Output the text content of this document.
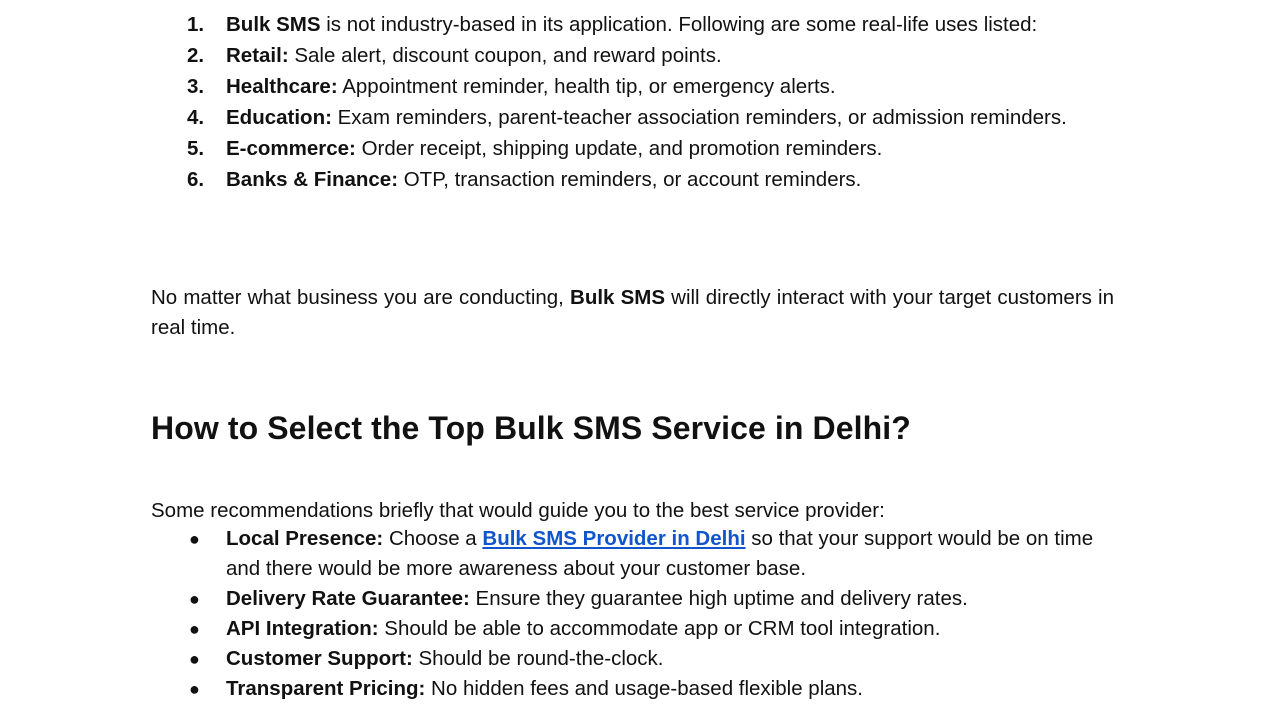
1. Bulk SMS is not industry-based in its application. Following are some real-life uses listed:
2. Retail: Sale alert, discount coupon, and reward points.
3. Healthcare: Appointment reminder, health tip, or emergency alerts.
4. Education: Exam reminders, parent-teacher association reminders, or admission reminders.
5. E-commerce: Order receipt, shipping update, and promotion reminders.
6. Banks & Finance: OTP, transaction reminders, or account reminders.

No matter what business you are conducting, Bulk SMS will directly interact with your target customers in real time.

How to Select the Top Bulk SMS Service in Delhi?

Some recommendations briefly that would guide you to the best service provider:

● Local Presence: Choose a Bulk SMS Provider in Delhi so that your support would be on time and there would be more awareness about your customer base.
● Delivery Rate Guarantee: Ensure they guarantee high uptime and delivery rates.
● API Integration: Should be able to accommodate app or CRM tool integration.
● Customer Support: Should be round-the-clock.
● Transparent Pricing: No hidden fees and usage-based flexible plans.
